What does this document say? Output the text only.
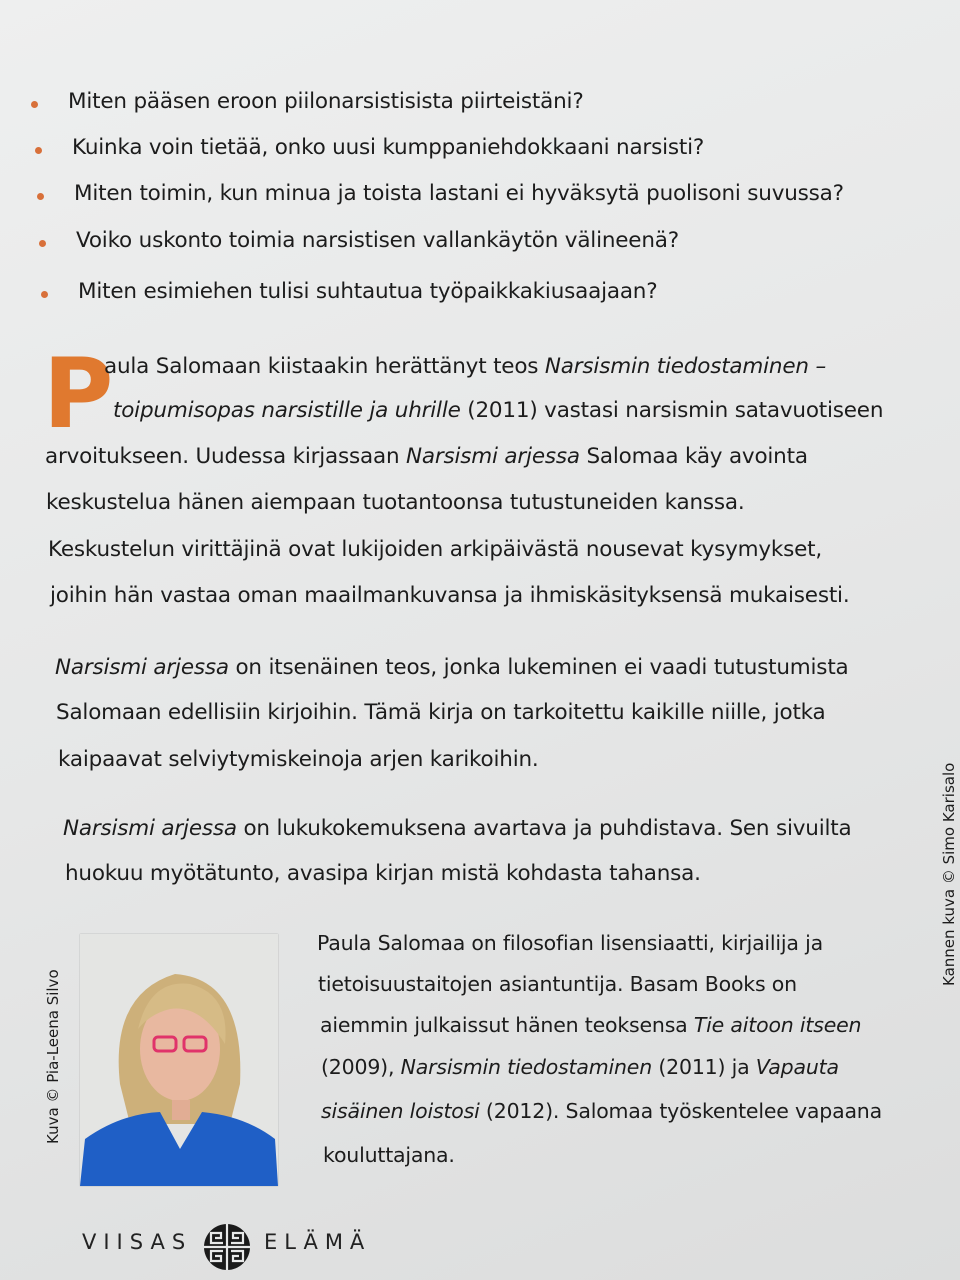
Miten pääsen eroon piilonarsistisista piirteistäni?
Kuinka voin tietää, onko uusi kumppaniehdokkaani narsisti?
Miten toimin, kun minua ja toista lastani ei hyväksytä puolisoni suvussa?
Voiko uskonto toimia narsistisen vallankäytön välineenä?
Miten esimiehen tulisi suhtautua työpaikkakiusaajaan?
P
aula Salomaan kiistaakin herättänyt teos Narsismin tiedostaminen –
toipumisopas narsistille ja uhrille (2011) vastasi narsismin satavuotiseen
arvoitukseen. Uudessa kirjassaan Narsismi arjessa Salomaa käy avointa
keskustelua hänen aiempaan tuotantoonsa tutustuneiden kanssa.
Keskustelun virittäjinä ovat lukijoiden arkipäivästä nousevat kysymykset,
joihin hän vastaa oman maailmankuvansa ja ihmiskäsityksensä mukaisesti.
Narsismi arjessa on itsenäinen teos, jonka lukeminen ei vaadi tutustumista
Salomaan edellisiin kirjoihin. Tämä kirja on tarkoitettu kaikille niille, jotka
kaipaavat selviytymiskeinoja arjen karikoihin.
Narsismi arjessa on lukukokemuksena avartava ja puhdistava. Sen sivuilta
huokuu myötätunto, avasipa kirjan mistä kohdasta tahansa.
Paula Salomaa on filosofian lisensiaatti, kirjailija ja
tietoisuustaitojen asiantuntija. Basam Books on
aiemmin julkaissut hänen teoksensa Tie aitoon itseen
(2009), Narsismin tiedostaminen (2011) ja Vapauta
sisäinen loistosi (2012). Salomaa työskentelee vapaana
kouluttajana.
Kuva © Pia-Leena Silvo
Kannen kuva © Simo Karisalo
VIISAS	ELÄMÄ
